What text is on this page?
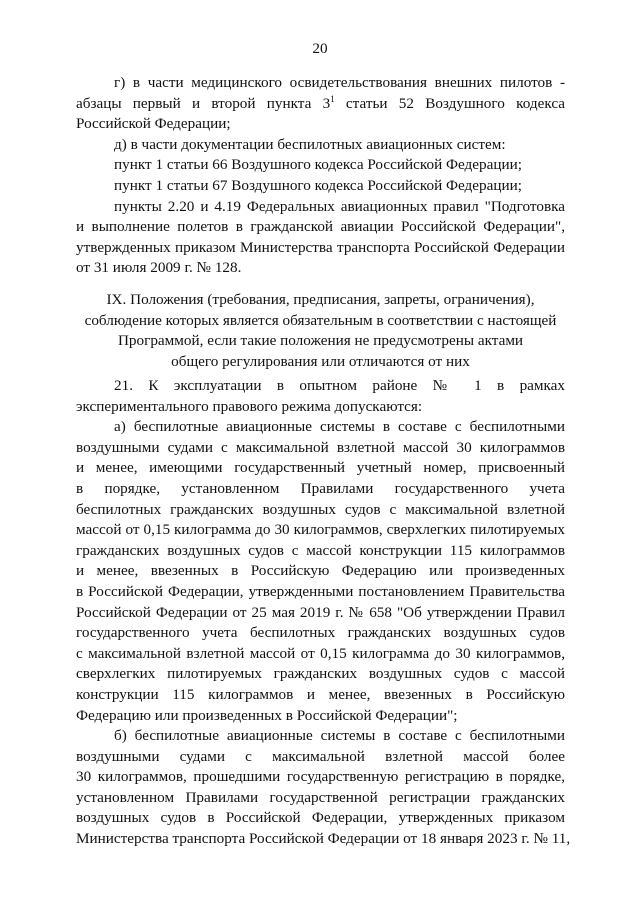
20
г) в части медицинского освидетельствования внешних пилотов -
абзацы первый и второй пункта $3^1$ статьи 52 Воздушного кодекса
Российской Федерации;
д) в части документации беспилотных авиационных систем:
пункт 1 статьи 66 Воздушного кодекса Российской Федерации;
пункт 1 статьи 67 Воздушного кодекса Российской Федерации;
пункты 2.20 и 4.19 Федеральных авиационных правил "Подготовка
и выполнение полетов в гражданской авиации Российской Федерации",
утвержденных приказом Министерства транспорта Российской Федерации
от 31 июля 2009 г. № 128.
IX. Положения (требования, предписания, запреты, ограничения),
соблюдение которых является обязательным в соответствии с настоящей
Программой, если такие положения не предусмотрены актами
общего регулирования или отличаются от них
21. К эксплуатации в опытном районе № 1 в рамках
экспериментального правового режима допускаются:
а) беспилотные авиационные системы в составе с беспилотными
воздушными судами с максимальной взлетной массой 30 килограммов
и менее, имеющими государственный учетный номер, присвоенный
в порядке, установленном Правилами государственного учета
беспилотных гражданских воздушных судов с максимальной взлетной
массой от 0,15 килограмма до 30 килограммов, сверхлегких пилотируемых
гражданских воздушных судов с массой конструкции 115 килограммов
и менее, ввезенных в Российскую Федерацию или произведенных
в Российской Федерации, утвержденными постановлением Правительства
Российской Федерации от 25 мая 2019 г. № 658 "Об утверждении Правил
государственного учета беспилотных гражданских воздушных судов
с максимальной взлетной массой от 0,15 килограмма до 30 килограммов,
сверхлегких пилотируемых гражданских воздушных судов с массой
конструкции 115 килограммов и менее, ввезенных в Российскую
Федерацию или произведенных в Российской Федерации";
б) беспилотные авиационные системы в составе с беспилотными
воздушными судами с максимальной взлетной массой более
30 килограммов, прошедшими государственную регистрацию в порядке,
установленном Правилами государственной регистрации гражданских
воздушных судов в Российской Федерации, утвержденных приказом
Министерства транспорта Российской Федерации от 18 января 2023 г. № 11,
